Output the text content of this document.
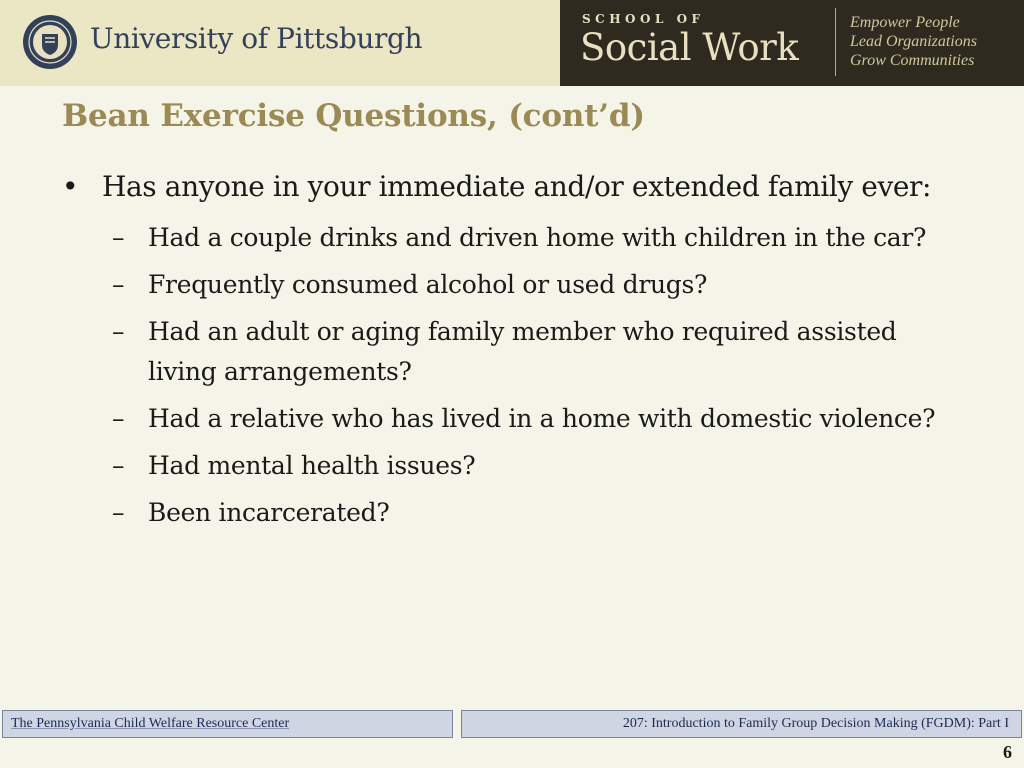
University of Pittsburgh
SCHOOL OF
Social Work
Empower People
Lead Organizations
Grow Communities
Bean Exercise Questions, (cont’d)
• Has anyone in your immediate and/or extended family ever:
– Had a couple drinks and driven home with children in the car?
– Frequently consumed alcohol or used drugs?
– Had an adult or aging family member who required assisted living arrangements?
– Had a relative who has lived in a home with domestic violence?
– Had mental health issues?
– Been incarcerated?
The Pennsylvania Child Welfare Resource Center	207: Introduction to Family Group Decision Making (FGDM): Part I
6
